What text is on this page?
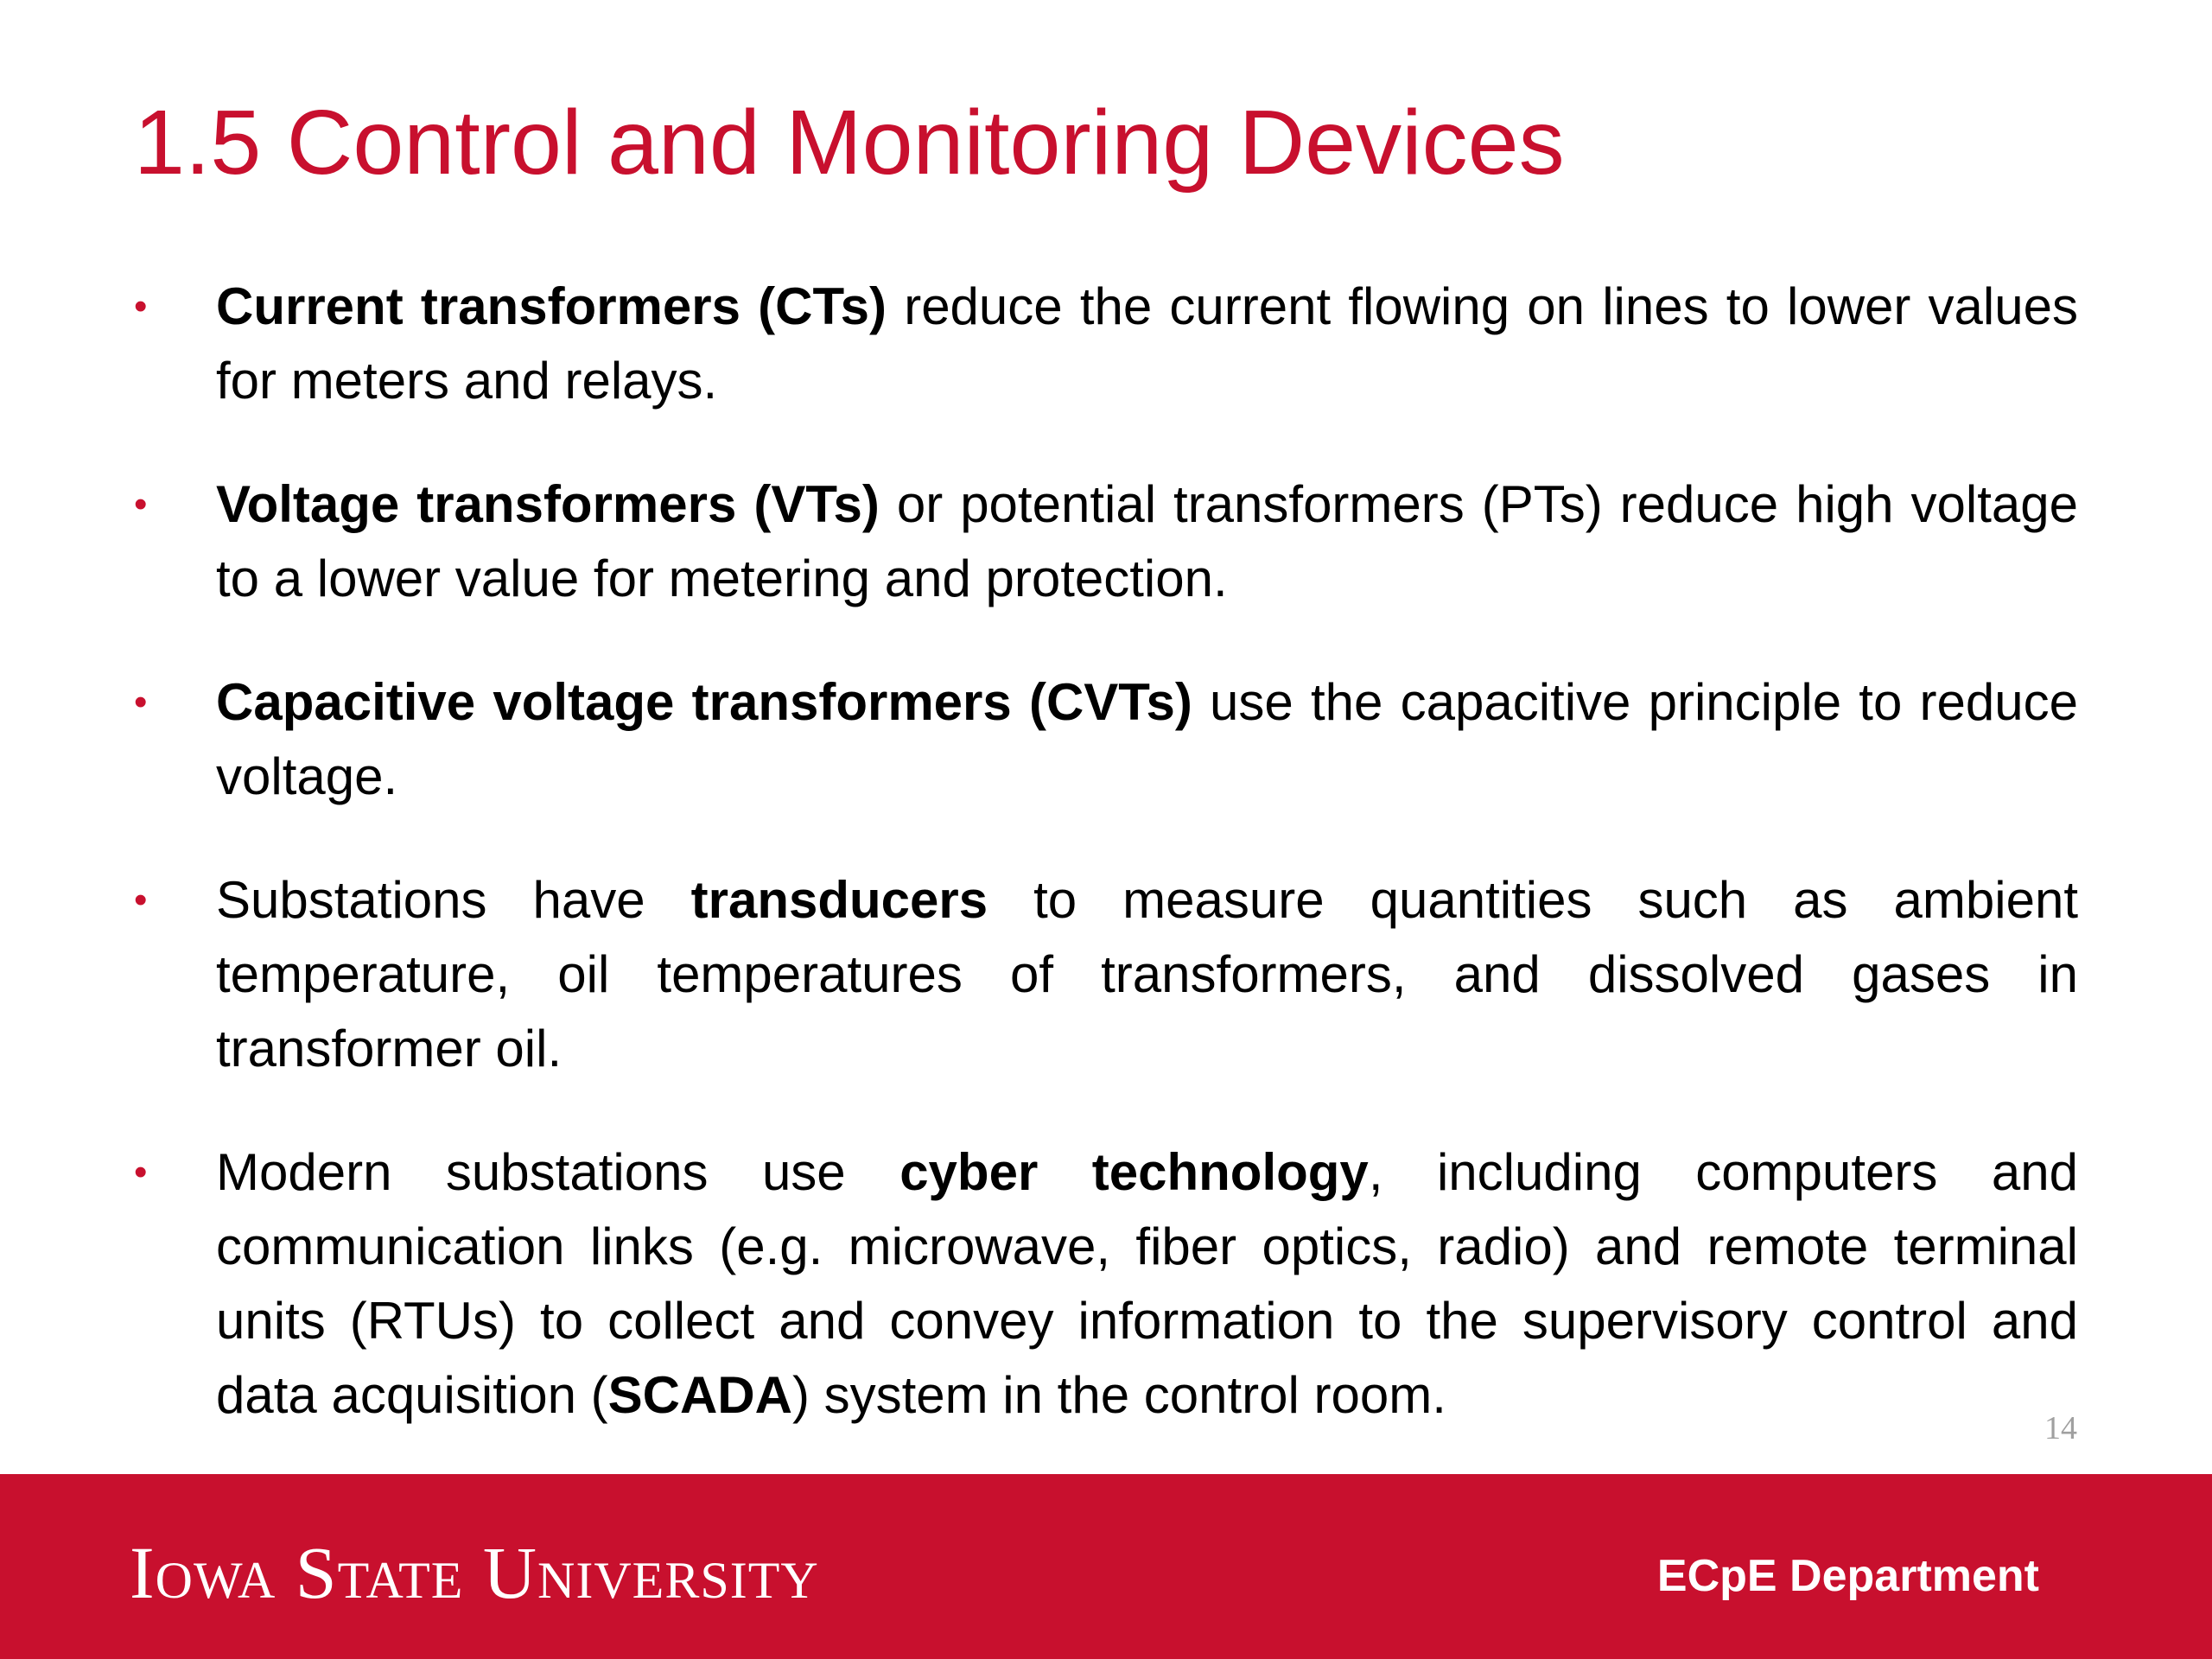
1.5 Control and Monitoring Devices
• Current transformers (CTs) reduce the current flowing on lines to lower values for meters and relays.
• Voltage transformers (VTs) or potential transformers (PTs) reduce high voltage to a lower value for metering and protection.
• Capacitive voltage transformers (CVTs) use the capacitive principle to reduce voltage.
• Substations have transducers to measure quantities such as ambient temperature, oil temperatures of transformers, and dissolved gases in transformer oil.
• Modern substations use cyber technology, including computers and communication links (e.g. microwave, fiber optics, radio) and remote terminal units (RTUs) to collect and convey information to the supervisory control and data acquisition (SCADA) system in the control room.
14
Iowa State University	ECpE Department
